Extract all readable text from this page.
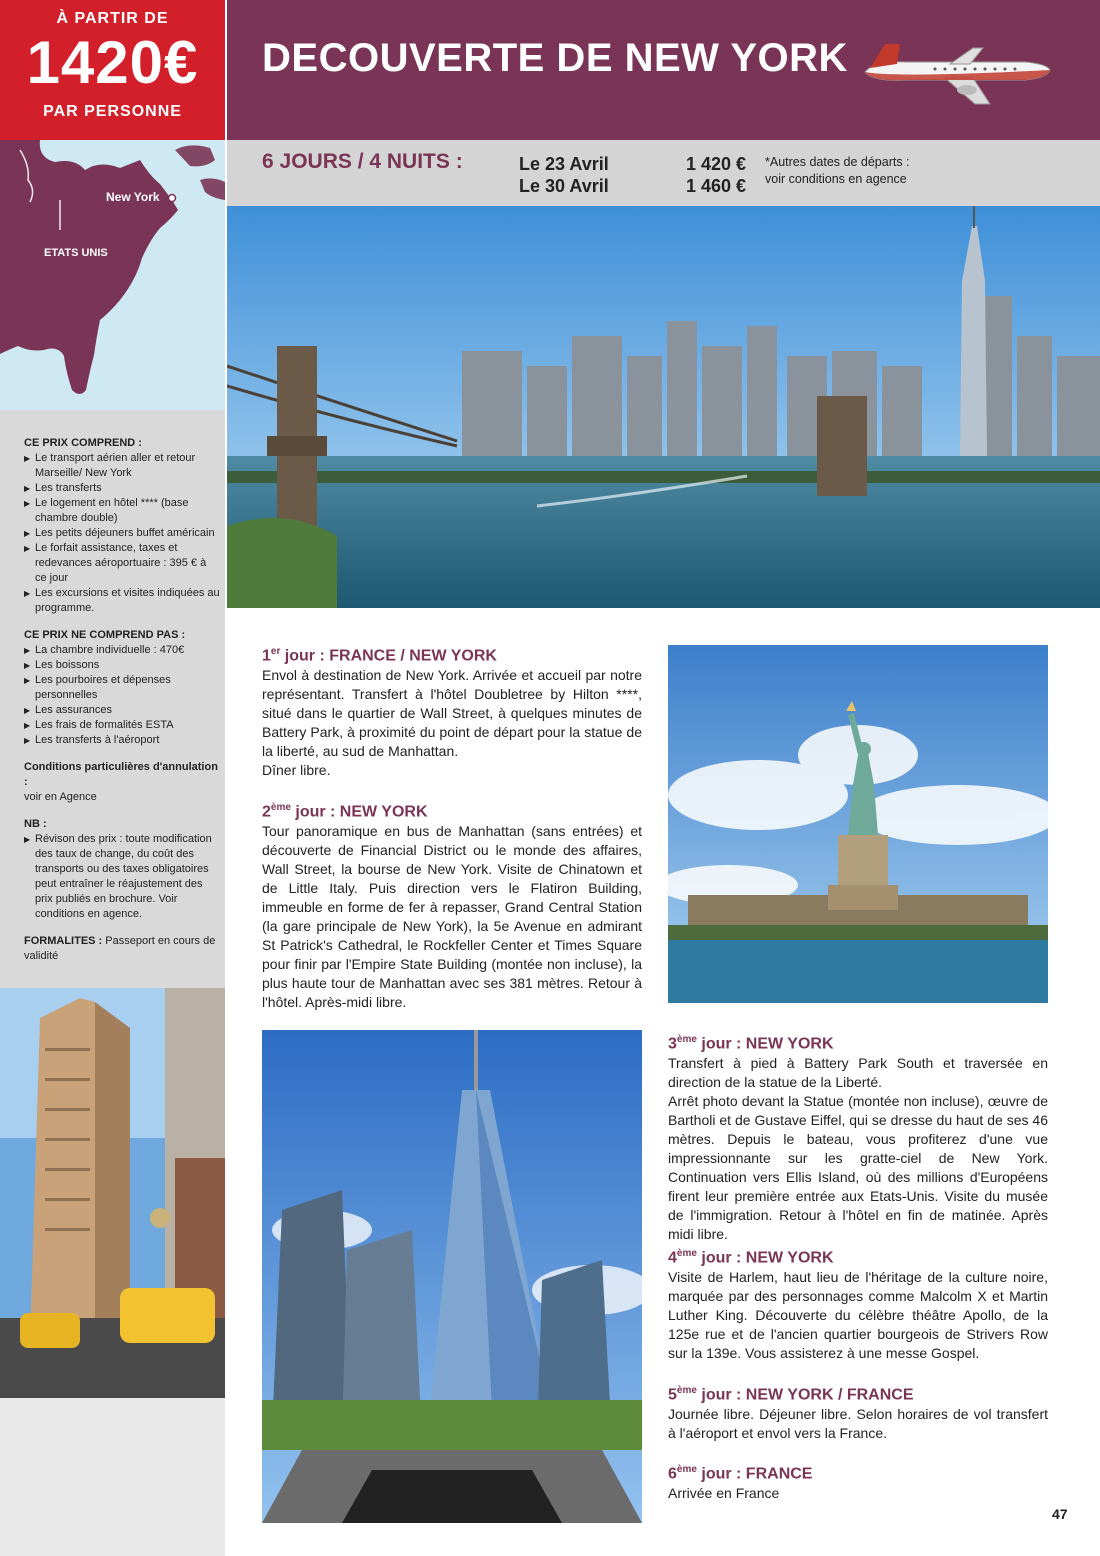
À PARTIR DE
1420€
PAR PERSONNE
DECOUVERTE DE NEW YORK
6 JOURS / 4 NUITS :	Le 23 Avril
Le 30 Avril
1 420 €
1 460 €
*Autres dates de départs :
voir conditions en agence
New York
ETATS UNIS

CE PRIX COMPREND :

▶ Le transport aérien aller et retour Marseille/ New York
▶ Les transferts
▶ Le logement en hôtel **** (base chambre double)
▶ Les petits déjeuners buffet américain
▶ Le forfait assistance, taxes et redevances aéroportuaire : 395 € à ce jour
▶ Les excursions et visites indiquées au programme.

CE PRIX NE COMPREND PAS :

▶ La chambre individuelle : 470€
▶ Les boissons
▶ Les pourboires et dépenses personnelles
▶ Les assurances
▶ Les frais de formalités ESTA
▶ Les transferts à l'aéroport

Conditions particulières d'annulation :

voir en Agence

NB :

▶ Révison des prix : toute modification des taux de change, du coût des transports ou des taxes obligatoires peut entraîner le réajustement des prix publiés en brochure. Voir conditions en agence.

FORMALITES : Passeport en cours de validité

1er jour : FRANCE / NEW YORK

Envol à destination de New York. Arrivée et accueil par notre représentant. Transfert à l'hôtel Doubletree by Hilton ****, situé dans le quartier de Wall Street, à quelques minutes de Battery Park, à proximité du point de départ pour la statue de la liberté, au sud de Manhattan.

Dîner libre.

2ème jour : NEW YORK

Tour panoramique en bus de Manhattan (sans entrées) et découverte de Financial District ou le monde des affaires, Wall Street, la bourse de New York. Visite de Chinatown et de Little Italy. Puis direction vers le Flatiron Building, immeuble en forme de fer à repasser, Grand Central Station (la gare principale de New York), la 5e Avenue en admirant St Patrick's Cathedral, le Rockfeller Center et Times Square pour finir par l'Empire State Building (montée non incluse), la plus haute tour de Manhattan avec ses 381 mètres. Retour à l'hôtel. Après-midi libre.

3ème jour : NEW YORK

Transfert à pied à Battery Park South et traversée en direction de la statue de la Liberté.

Arrêt photo devant la Statue (montée non incluse), œuvre de Bartholi et de Gustave Eiffel, qui se dresse du haut de ses 46 mètres. Depuis le bateau, vous profiterez d'une vue impressionnante sur les gratte-ciel de New York. Continuation vers Ellis Island, où des millions d'Européens firent leur première entrée aux Etats-Unis. Visite du musée de l'immigration. Retour à l'hôtel en fin de matinée. Après midi libre.

4ème jour : NEW YORK

Visite de Harlem, haut lieu de l'héritage de la culture noire, marquée par des personnages comme Malcolm X et Martin Luther King. Découverte du célèbre théâtre Apollo, de la 125e rue et de l'ancien quartier bourgeois de Strivers Row sur la 139e. Vous assisterez à une messe Gospel.

5ème jour : NEW YORK / FRANCE

Journée libre. Déjeuner libre. Selon horaires de vol transfert à l'aéroport et envol vers la France.

6ème jour : FRANCE

Arrivée en France

47
